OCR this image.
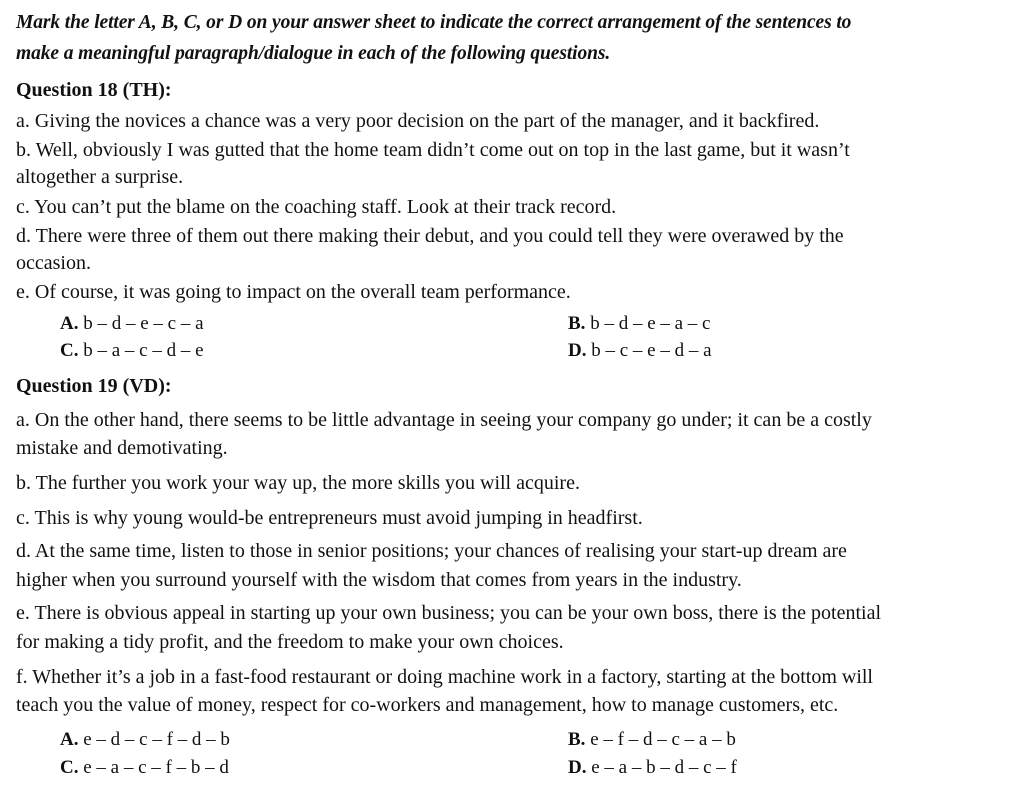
Mark the letter A, B, C, or D on your answer sheet to indicate the correct arrangement of the sentences to
make a meaningful paragraph/dialogue in each of the following questions.
Question 18 (TH):
a. Giving the novices a chance was a very poor decision on the part of the manager, and it backfired.
b. Well, obviously I was gutted that the home team didn’t come out on top in the last game, but it wasn’t
altogether a surprise.
c. You can’t put the blame on the coaching staff. Look at their track record.
d. There were three of them out there making their debut, and you could tell they were overawed by the
occasion.
e. Of course, it was going to impact on the overall team performance.
A. b – d – e – c – a	B. b – d – e – a – c
C. b – a – c – d – e	D. b – c – e – d – a
Question 19 (VD):
a. On the other hand, there seems to be little advantage in seeing your company go under; it can be a costly
mistake and demotivating.
b. The further you work your way up, the more skills you will acquire.
c. This is why young would-be entrepreneurs must avoid jumping in headfirst.
d. At the same time, listen to those in senior positions; your chances of realising your start-up dream are
higher when you surround yourself with the wisdom that comes from years in the industry.
e. There is obvious appeal in starting up your own business; you can be your own boss, there is the potential
for making a tidy profit, and the freedom to make your own choices.
f. Whether it’s a job in a fast-food restaurant or doing machine work in a factory, starting at the bottom will
teach you the value of money, respect for co-workers and management, how to manage customers, etc.
A. e – d – c – f – d – b	B. e – f – d – c – a – b
C. e – a – c – f – b – d	D. e – a – b – d – c – f
